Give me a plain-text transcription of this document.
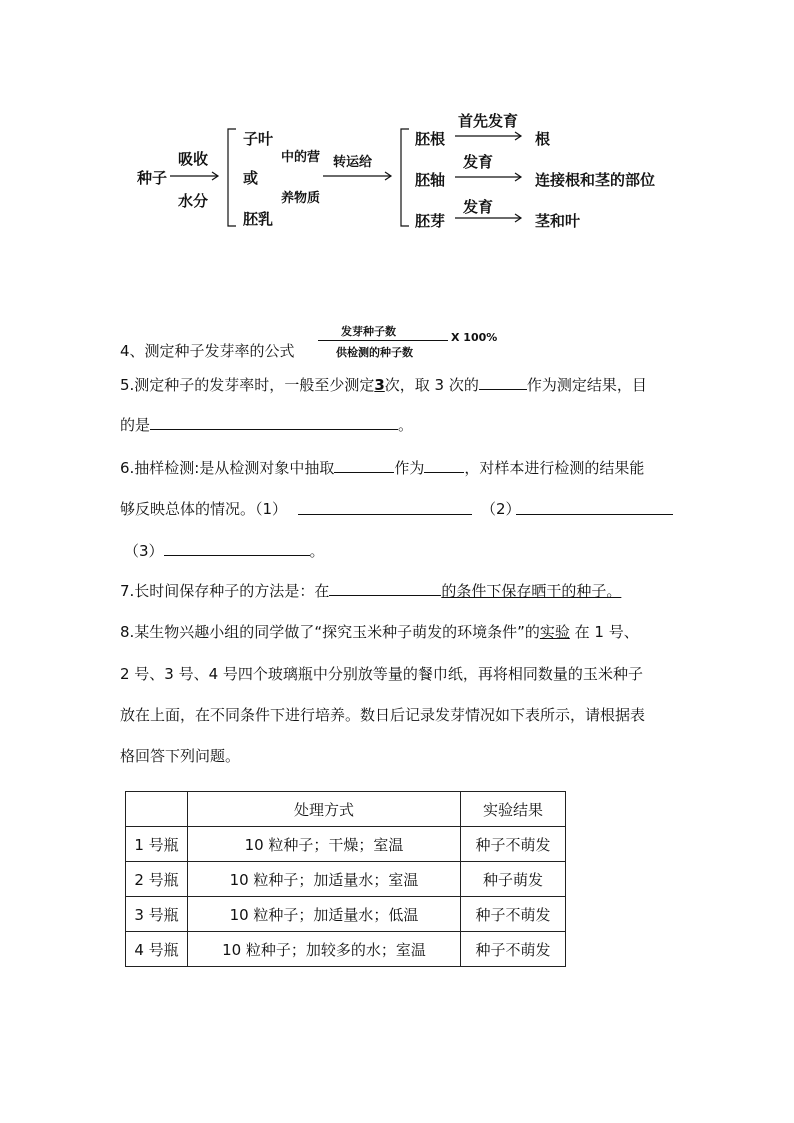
种子
吸收
水分
子叶
或
胚乳
中的营
养物质
转运给
胚根
胚轴
胚芽
首先发育
发育
发育
根
连接根和茎的部位
茎和叶
4、测定种子发芽率的公式
发芽种子数
供检测的种子数
X 100%
5.测定种子的发芽率时，一般至少测定3次，取 3 次的	作为测定结果，目
的是	。
6.抽样检测:是从检测对象中抽取	作为	，对样本进行检测的结果能
够反映总体的情况。（1）	（2）
（3）	。
7.长时间保存种子的方法是：在	的条件下保存晒干的种子。
8.某生物兴趣小组的同学做了“探究玉米种子萌发的环境条件”的实验 在 1 号、
2 号、3 号、4 号四个玻璃瓶中分别放等量的餐巾纸，再将相同数量的玉米种子
放在上面，在不同条件下进行培养。数日后记录发芽情况如下表所示，请根据表
格回答下列问题。
	处理方式	实验结果
1 号瓶	10 粒种子；干燥；室温	种子不萌发
2 号瓶	10 粒种子；加适量水；室温	种子萌发
3 号瓶	10 粒种子；加适量水；低温	种子不萌发
4 号瓶	10 粒种子；加较多的水；室温	种子不萌发
